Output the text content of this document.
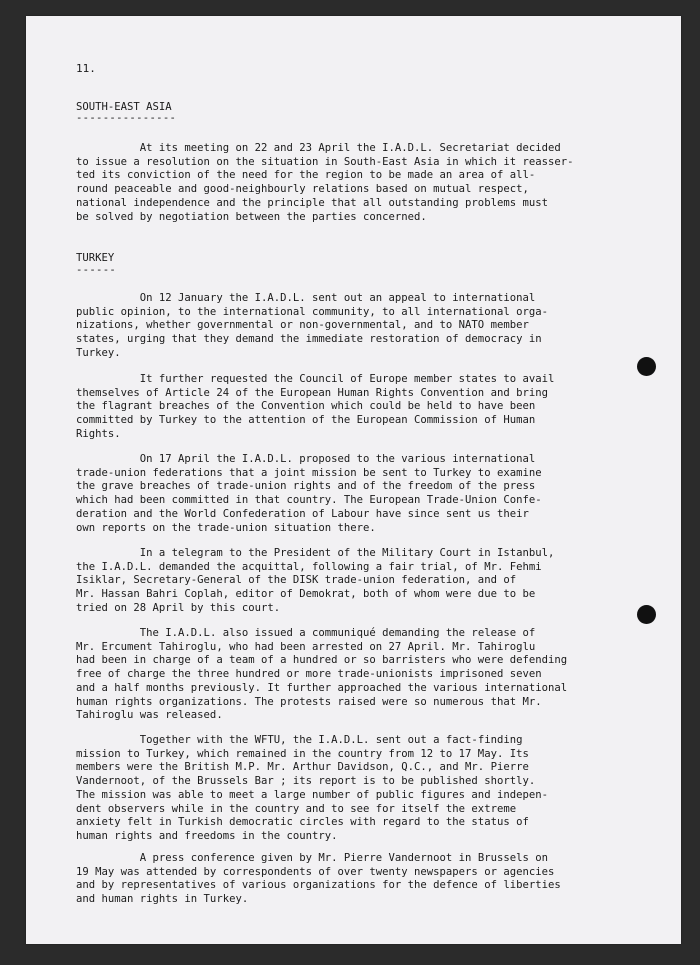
11.
SOUTH-EAST ASIA
---------------
At its meeting on 22 and 23 April the I.A.D.L. Secretariat decided
to issue a resolution on the situation in South-East Asia in which it reasser-
ted its conviction of the need for the region to be made an area of all-
round peaceable and good-neighbourly relations based on mutual respect,
national independence and the principle that all outstanding problems must
be solved by negotiation between the parties concerned.
TURKEY
------
On 12 January the I.A.D.L. sent out an appeal to international
public opinion, to the international community, to all international orga-
nizations, whether governmental or non-governmental, and to NATO member
states, urging that they demand the immediate restoration of democracy in
Turkey.
It further requested the Council of Europe member states to avail
themselves of Article 24 of the European Human Rights Convention and bring
the flagrant breaches of the Convention which could be held to have been
committed by Turkey to the attention of the European Commission of Human
Rights.
On 17 April the I.A.D.L. proposed to the various international
trade-union federations that a joint mission be sent to Turkey to examine
the grave breaches of trade-union rights and of the freedom of the press
which had been committed in that country. The European Trade-Union Confe-
deration and the World Confederation of Labour have since sent us their
own reports on the trade-union situation there.
In a telegram to the President of the Military Court in Istanbul,
the I.A.D.L. demanded the acquittal, following a fair trial, of Mr. Fehmi
Isiklar, Secretary-General of the DISK trade-union federation, and of
Mr. Hassan Bahri Coplah, editor of Demokrat, both of whom were due to be
tried on 28 April by this court.
The I.A.D.L. also issued a communiqué demanding the release of
Mr. Ercument Tahiroglu, who had been arrested on 27 April. Mr. Tahiroglu
had been in charge of a team of a hundred or so barristers who were defending
free of charge the three hundred or more trade-unionists imprisoned seven
and a half months previously. It further approached the various international
human rights organizations. The protests raised were so numerous that Mr.
Tahiroglu was released.
Together with the WFTU, the I.A.D.L. sent out a fact-finding
mission to Turkey, which remained in the country from 12 to 17 May. Its
members were the British M.P. Mr. Arthur Davidson, Q.C., and Mr. Pierre
Vandernoot, of the Brussels Bar ; its report is to be published shortly.
The mission was able to meet a large number of public figures and indepen-
dent observers while in the country and to see for itself the extreme
anxiety felt in Turkish democratic circles with regard to the status of
human rights and freedoms in the country.
A press conference given by Mr. Pierre Vandernoot in Brussels on
19 May was attended by correspondents of over twenty newspapers or agencies
and by representatives of various organizations for the defence of liberties
and human rights in Turkey.
